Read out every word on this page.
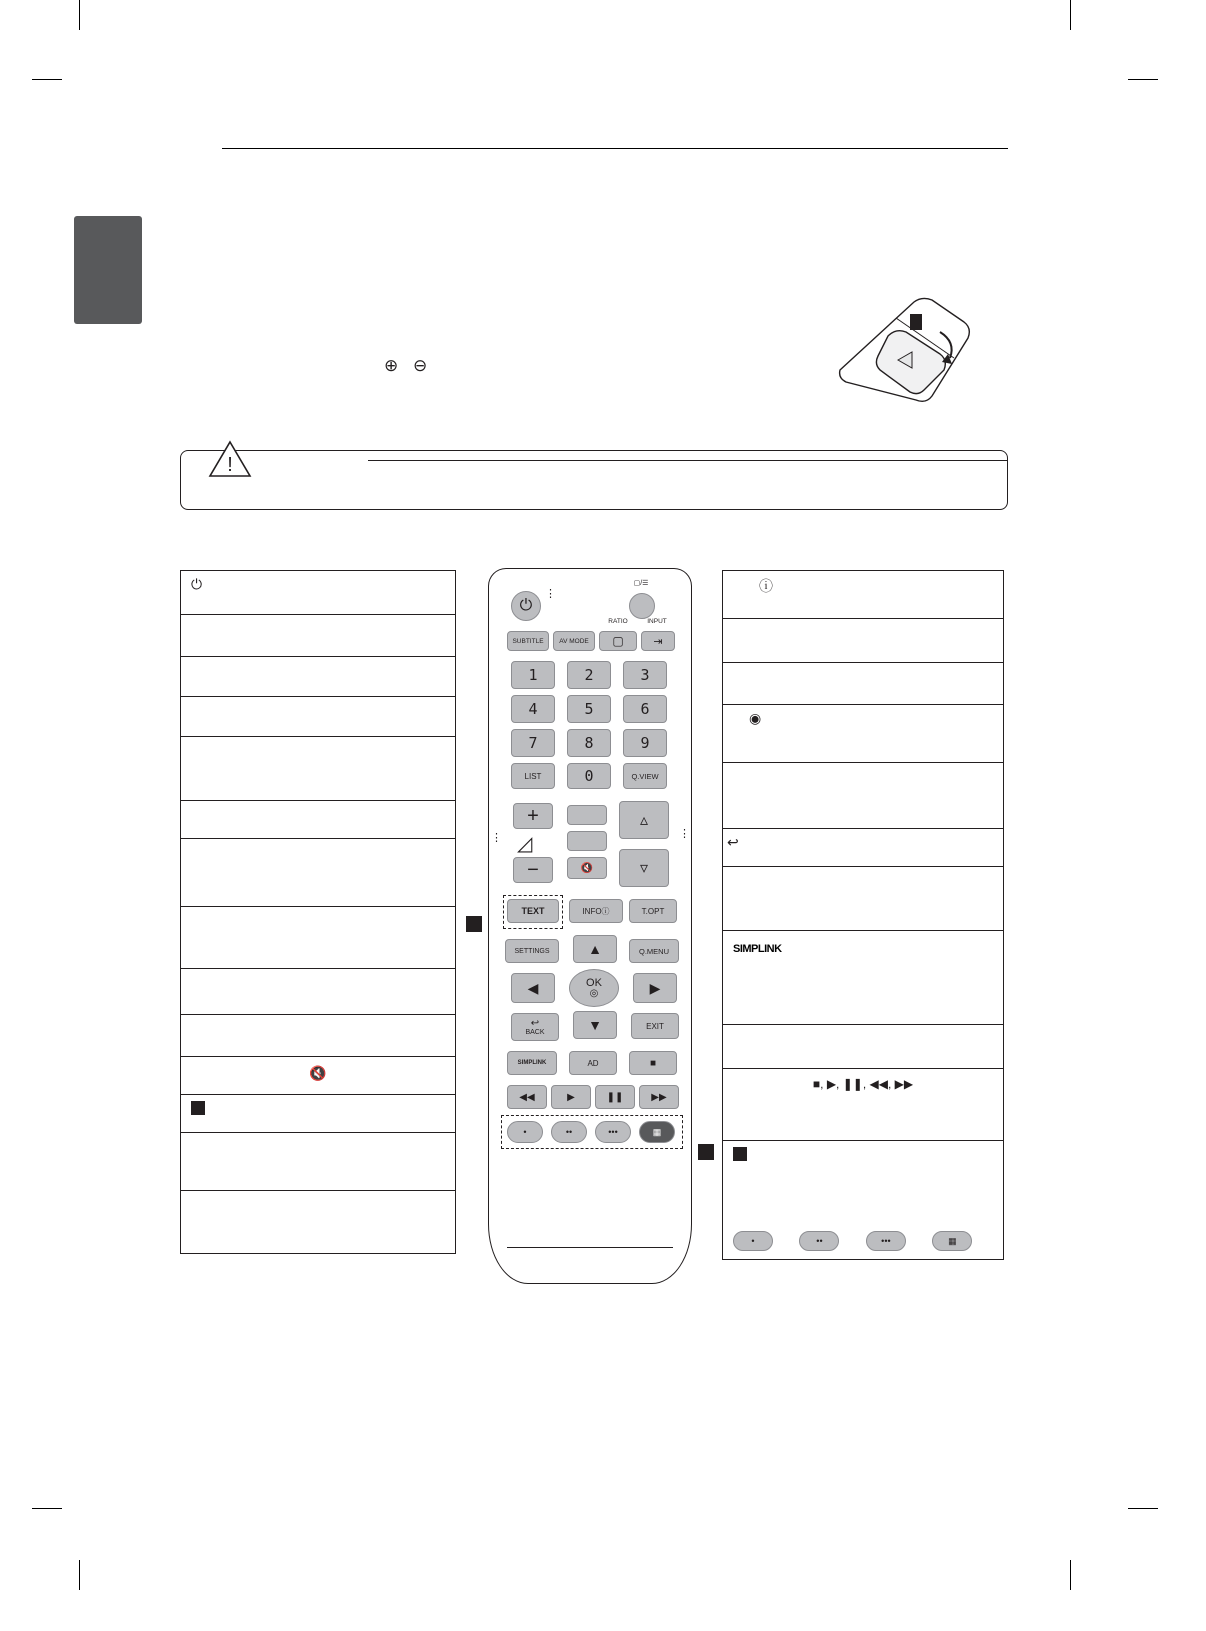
⊕ ⊖
!
⏻
🔇
ⓘ
◉
↩
SIMPLINK
■, ▶, ❚❚, ◀◀, ▶▶
•	••	•••	▦
⏻
⋮
▢/☰
SUBTITLE	AV MODE	▢
RATIO
⇥
INPUT
1	2	3
4	5	6
7	8	9
LIST	0	Q.VIEW
⋮	⋮
+
◿
−	🔇
▵
▿
TEXT	INFOⓘ	T.OPT
SETTINGS	▲	Q.MENU
◀	OK
◎	▶
↩
BACK	▼	EXIT
SIMPLINK	AD	■
◀◀	▶	❚❚	▶▶
•	••	•••	▦
